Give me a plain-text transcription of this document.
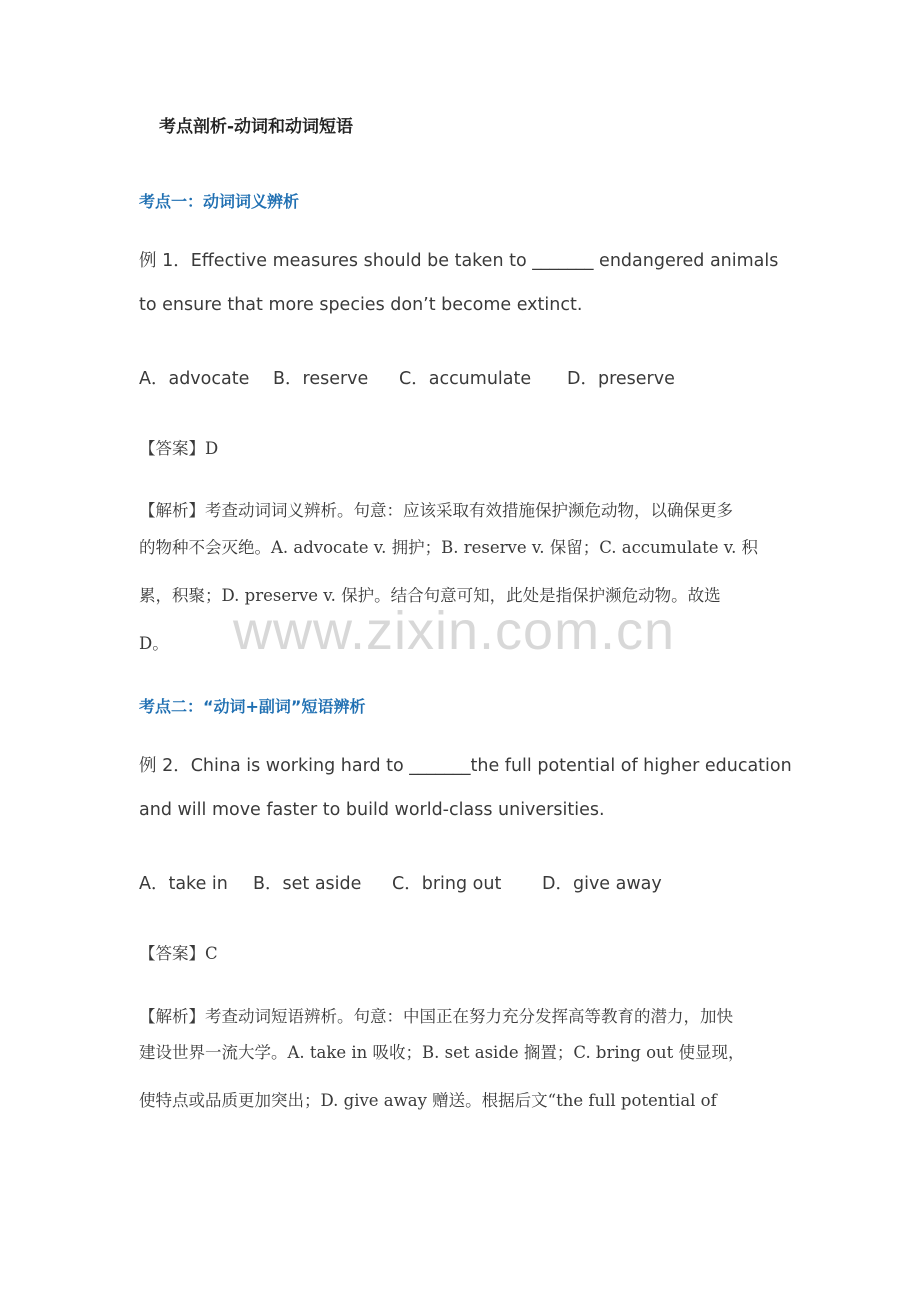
考点剖析-动词和动词短语
考点一：动词词义辨析
例 1．Effective measures should be taken to _______ endangered animals
to ensure that more species don’t become extinct.
A．advocate B．reserve C．accumulate D．preserve
【答案】D
【解析】考查动词词义辨析。句意：应该采取有效措施保护濒危动物，以确保更多
的物种不会灭绝。A. advocate v. 拥护；B. reserve v. 保留；C. accumulate v. 积
累，积聚；D. preserve v. 保护。结合句意可知，此处是指保护濒危动物。故选
D。
考点二：“动词+副词”短语辨析
例 2．China is working hard to _______the full potential of higher education
and will move faster to build world-class universities.
A．take in B．set aside C．bring out D．give away
【答案】C
【解析】考查动词短语辨析。句意：中国正在努力充分发挥高等教育的潜力，加快
建设世界一流大学。A. take in 吸收；B. set aside 搁置；C. bring out 使显现，
使特点或品质更加突出；D. give away 赠送。根据后文“the full potential of
www.zixin.com.cn
